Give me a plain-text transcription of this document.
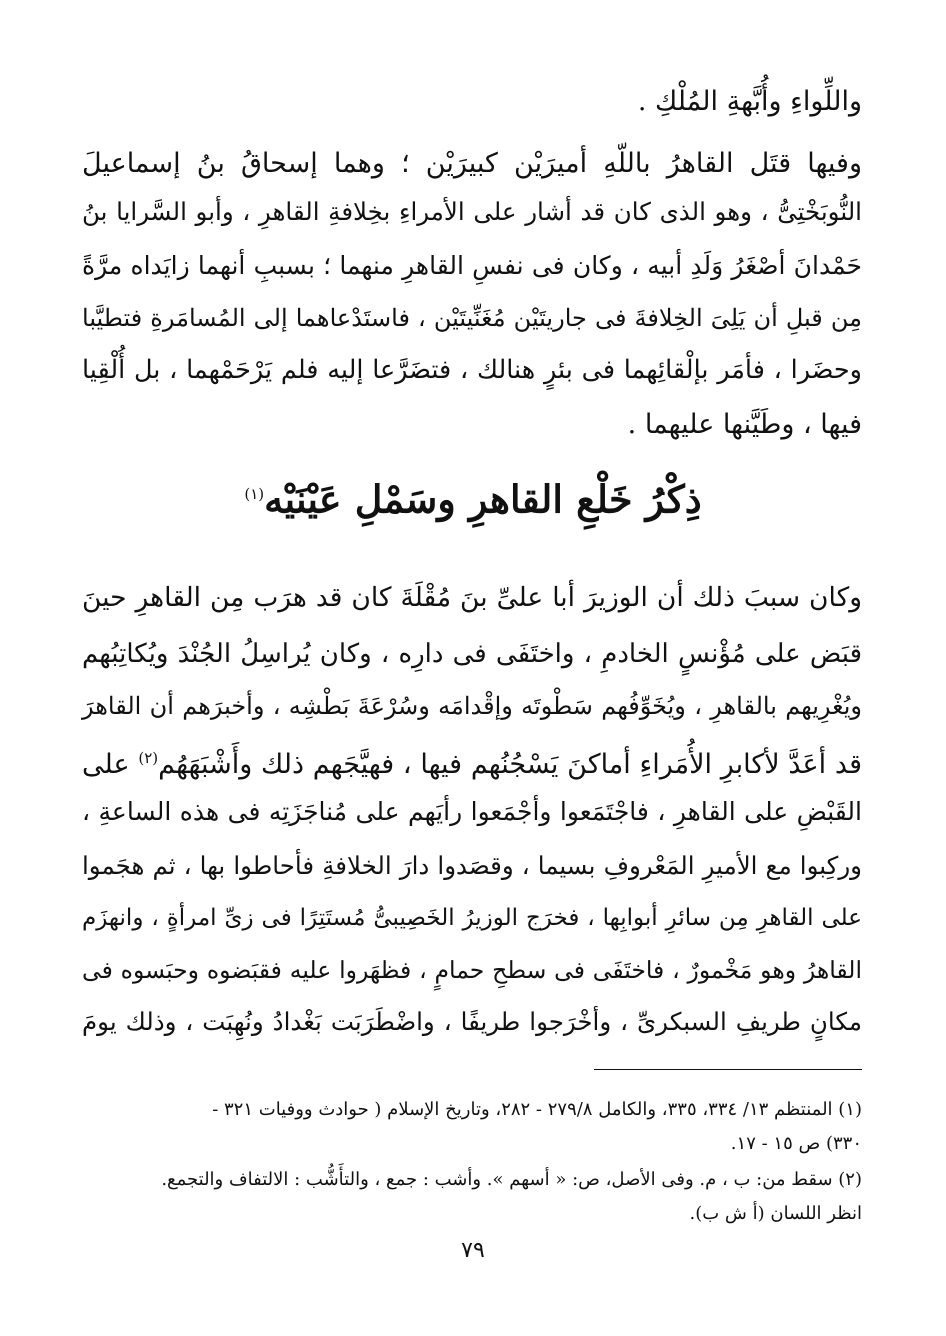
واللِّواءِ وأُبَّهةِ المُلْكِ .
وفيها قتَل القاهرُ باللّهِ أميرَيْن كبيرَيْن ؛ وهما إسحاقُ بنُ إسماعيلَ
النُّوبَخْتِىُّ ، وهو الذى كان قد أشار على الأمراءِ بخِلافةِ القاهرِ ، وأبو السَّرايا بنُ
حَمْدانَ أصْغَرُ وَلَدِ أبيه ، وكان فى نفسِ القاهرِ منهما ؛ بسببِ أنهما زايَداه مرَّةً
مِن قبلِ أن يَلِىَ الخِلافةَ فى جاريتَيْن مُغَنِّيتَيْن ، فاستَدْعاهما إلى المُسامَرةِ فتطيَّبا
وحضَرا ، فأمَر بإلْقائِهما فى بئرٍ هنالك ، فتضَرَّعا إليه فلم يَرْحَمْهما ، بل أُلْقِيا
فيها ، وطَيَّنها عليهما .
ذِكْرُ خَلْعِ القاهرِ وسَمْلِ عَيْنَيْه$^{(١)}$
وكان سببَ ذلك أن الوزيرَ أبا علىِّ بنَ مُقْلَةَ كان قد هرَب مِن القاهرِ حينَ
قبَض على مُؤْنسٍ الخادمِ ، واختَفَى فى دارِه ، وكان يُراسِلُ الجُنْدَ ويُكاتِبُهم
ويُغْرِيهم بالقاهرِ ، ويُخَوِّفُهم سَطْوتَه وإقْدامَه وسُرْعَةَ بَطْشِه ، وأخبرَهم أن القاهرَ
قد أعَدَّ لأكابرِ الأُمَراءِ أماكنَ يَسْجُنُهم فيها ، فهيَّجَهم ذلك وأَشْبَهَهُم$^{(٢)}$ على
القَبْضِ على القاهرِ ، فاجْتَمَعوا وأجْمَعوا رأيَهم على مُناجَزَتِه فى هذه الساعةِ ،
وركِبوا مع الأميرِ المَعْروفِ بسيما ، وقصَدوا دارَ الخلافةِ فأحاطوا بها ، ثم هجَموا
على القاهرِ مِن سائرِ أبوابِها ، فخرَج الوزيرُ الخَصِيبىُّ مُستَتِرًا فى زىِّ امرأةٍ ، وانهزَم
القاهرُ وهو مَخْمورٌ ، فاختَفَى فى سطحِ حمامٍ ، فظهَروا عليه فقبَضوه وحبَسوه فى
مكانٍ طريفِ السبكرىِّ ، وأخْرَجوا طريفًا ، واضْطَرَبَت بَغْدادُ ونُهِبَت ، وذلك يومَ
(١) المنتظم ١٣/ ٣٣٤، ٣٣٥، والكامل ٢٧٩/٨ - ٢٨٢، وتاريخ الإسلام ( حوادث ووفيات ٣٢١ -
٣٣٠) ص ١٥ - ١٧.
(٢) سقط من: ب ، م. وفى الأصل، ص: « أسهم ». وأشب : جمع ، والتأَشُّب : الالتفاف والتجمع.
انظر اللسان (أ ش ب).
٧٩
